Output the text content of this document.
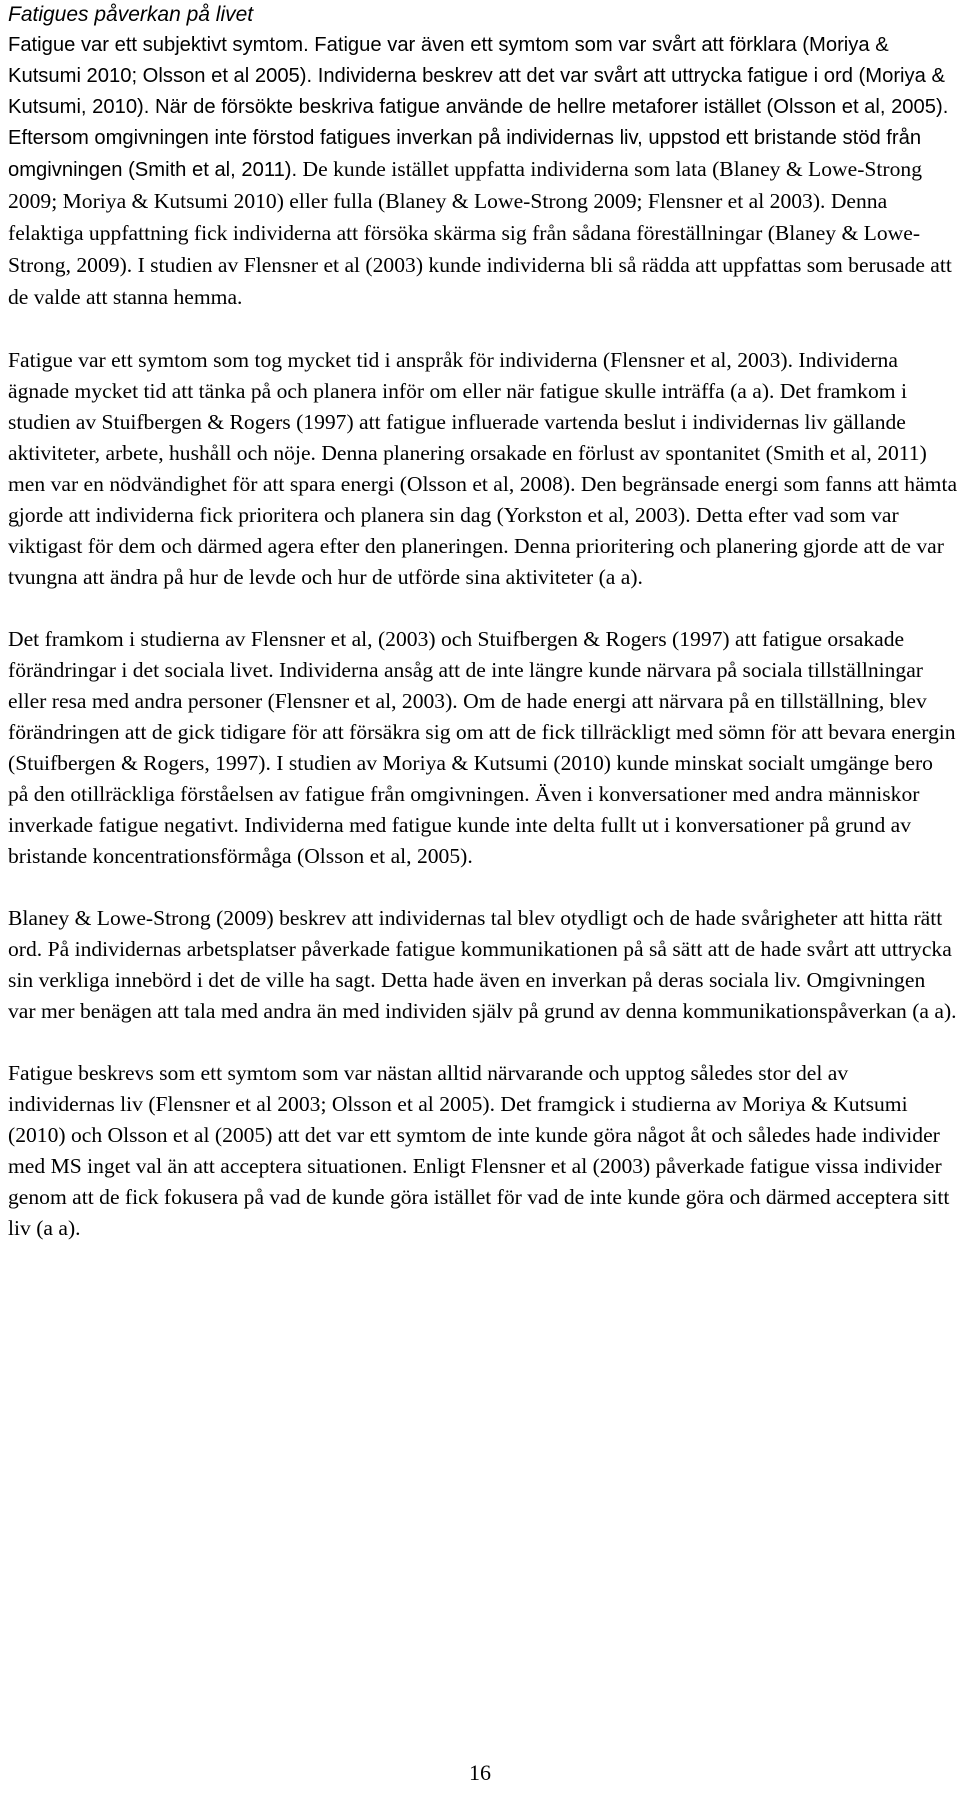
Fatigues påverkan på livet

Fatigue var ett subjektivt symtom. Fatigue var även ett symtom som var svårt att förklara (Moriya & Kutsumi 2010; Olsson et al 2005). Individerna beskrev att det var svårt att uttrycka fatigue i ord (Moriya & Kutsumi, 2010). När de försökte beskriva fatigue använde de hellre metaforer istället (Olsson et al, 2005). Eftersom omgivningen inte förstod fatigues inverkan på individernas liv, uppstod ett bristande stöd från omgivningen (Smith et al, 2011). De kunde istället uppfatta individerna som lata (Blaney & Lowe-Strong 2009; Moriya & Kutsumi 2010) eller fulla (Blaney & Lowe-Strong 2009; Flensner et al 2003). Denna felaktiga uppfattning fick individerna att försöka skärma sig från sådana föreställningar (Blaney & Lowe-Strong, 2009). I studien av Flensner et al (2003) kunde individerna bli så rädda att uppfattas som berusade att de valde att stanna hemma.

Fatigue var ett symtom som tog mycket tid i anspråk för individerna (Flensner et al, 2003). Individerna ägnade mycket tid att tänka på och planera inför om eller när fatigue skulle inträffa (a a). Det framkom i studien av Stuifbergen & Rogers (1997) att fatigue influerade vartenda beslut i individernas liv gällande aktiviteter, arbete, hushåll och nöje. Denna planering orsakade en förlust av spontanitet (Smith et al, 2011) men var en nödvändighet för att spara energi (Olsson et al, 2008). Den begränsade energi som fanns att hämta gjorde att individerna fick prioritera och planera sin dag (Yorkston et al, 2003). Detta efter vad som var viktigast för dem och därmed agera efter den planeringen. Denna prioritering och planering gjorde att de var tvungna att ändra på hur de levde och hur de utförde sina aktiviteter (a a).

Det framkom i studierna av Flensner et al, (2003) och Stuifbergen & Rogers (1997) att fatigue orsakade förändringar i det sociala livet. Individerna ansåg att de inte längre kunde närvara på sociala tillställningar eller resa med andra personer (Flensner et al, 2003). Om de hade energi att närvara på en tillställning, blev förändringen att de gick tidigare för att försäkra sig om att de fick tillräckligt med sömn för att bevara energin (Stuifbergen & Rogers, 1997). I studien av Moriya & Kutsumi (2010) kunde minskat socialt umgänge bero på den otillräckliga förståelsen av fatigue från omgivningen. Även i konversationer med andra människor inverkade fatigue negativt. Individerna med fatigue kunde inte delta fullt ut i konversationer på grund av bristande koncentrationsförmåga (Olsson et al, 2005).

Blaney & Lowe-Strong (2009) beskrev att individernas tal blev otydligt och de hade svårigheter att hitta rätt ord. På individernas arbetsplatser påverkade fatigue kommunikationen på så sätt att de hade svårt att uttrycka sin verkliga innebörd i det de ville ha sagt. Detta hade även en inverkan på deras sociala liv. Omgivningen var mer benägen att tala med andra än med individen själv på grund av denna kommunikationspåverkan (a a).

Fatigue beskrevs som ett symtom som var nästan alltid närvarande och upptog således stor del av individernas liv (Flensner et al 2003; Olsson et al 2005). Det framgick i studierna av Moriya & Kutsumi (2010) och Olsson et al (2005) att det var ett symtom de inte kunde göra något åt och således hade individer med MS inget val än att acceptera situationen. Enligt Flensner et al (2003) påverkade fatigue vissa individer genom att de fick fokusera på vad de kunde göra istället för vad de inte kunde göra och därmed acceptera sitt liv (a a).

16
